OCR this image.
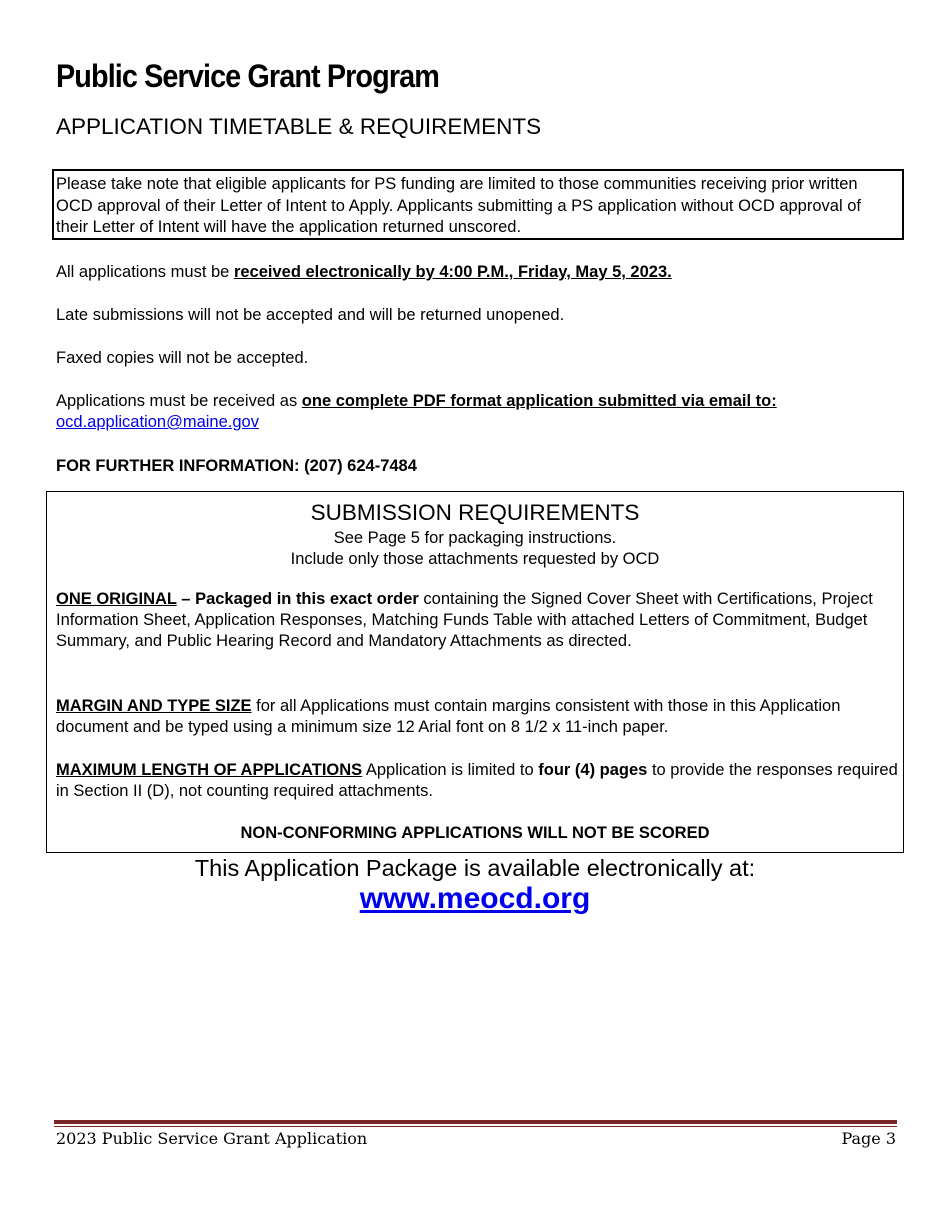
Public Service Grant Program
APPLICATION TIMETABLE & REQUIREMENTS
Please take note that eligible applicants for PS funding are limited to those communities receiving prior written OCD approval of their Letter of Intent to Apply. Applicants submitting a PS application without OCD approval of their Letter of Intent will have the application returned unscored.
All applications must be received electronically by 4:00 P.M., Friday, May 5, 2023.
Late submissions will not be accepted and will be returned unopened.
Faxed copies will not be accepted.
Applications must be received as one complete PDF format application submitted via email to:
ocd.application@maine.gov
FOR FURTHER INFORMATION: (207) 624-7484
SUBMISSION REQUIREMENTS
See Page 5 for packaging instructions.
Include only those attachments requested by OCD
ONE ORIGINAL – Packaged in this exact order containing the Signed Cover Sheet with Certifications, Project Information Sheet, Application Responses, Matching Funds Table with attached Letters of Commitment, Budget Summary, and Public Hearing Record and Mandatory Attachments as directed.
MARGIN AND TYPE SIZE for all Applications must contain margins consistent with those in this Application document and be typed using a minimum size 12 Arial font on 8 1/2 x 11-inch paper.
MAXIMUM LENGTH OF APPLICATIONS Application is limited to four (4) pages to provide the responses required in Section II (D), not counting required attachments.
NON-CONFORMING APPLICATIONS WILL NOT BE SCORED
This Application Package is available electronically at:
www.meocd.org
2023 Public Service Grant Application	Page 3
